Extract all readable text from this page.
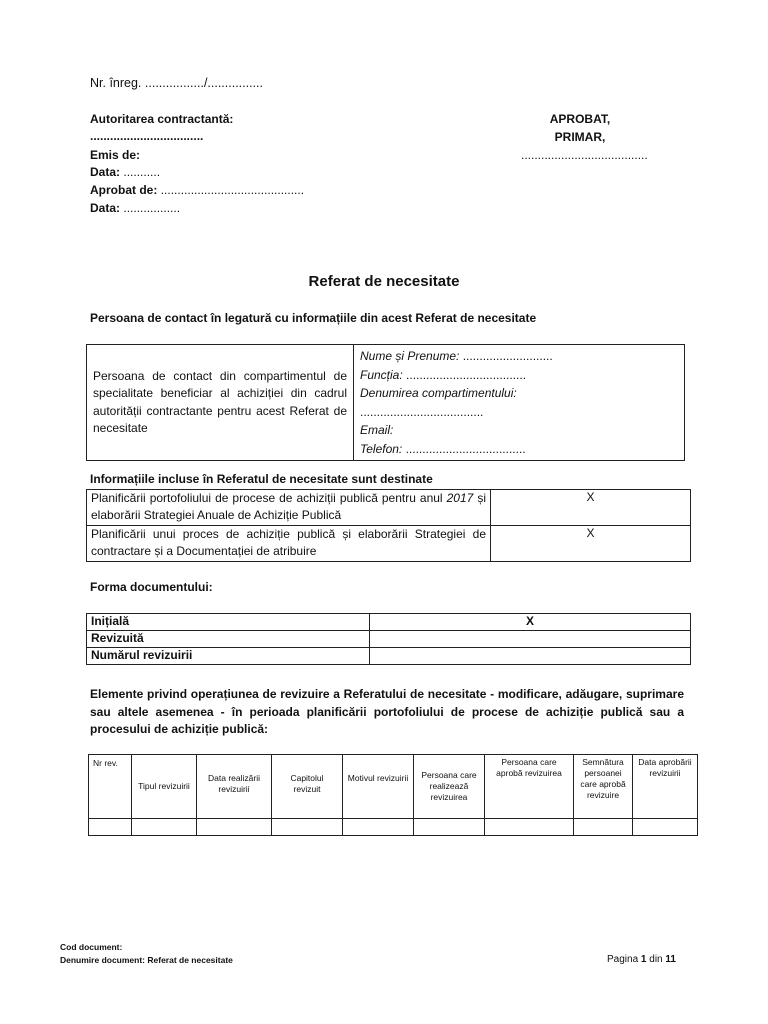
Nr. înreg. ................./................
Autoritarea contractantă:
..................................
Emis de:
Data: ...........
Aprobat de: ...........................................
Data: .................
APROBAT,
PRIMAR,
......................................
Referat de necesitate
Persoana de contact în legatură cu informațiile din acest Referat de necesitate
Persoana de contact din compartimentul de specialitate beneficiar al achiziției din cadrul autorității contractante pentru acest Referat de necesitate	
Nume și Prenume: ...........................
Funcția: ....................................
Denumirea compartimentului:
.....................................
Email:
Telefon: ....................................
Informațiile incluse în Referatul de necesitate sunt destinate
Planificării portofoliului de procese de achiziții publică pentru anul 2017 și elaborării Strategiei Anuale de Achiziție Publică	X
Planificării unui proces de achiziție publică și elaborării Strategiei de contractare și a Documentației de atribuire	X
Forma documentului:
Inițială	X
Revizuită	
Numărul revizuirii	
Elemente privind operațiunea de revizuire a Referatului de necesitate - modificare, adăugare, suprimare sau altele asemenea - în perioada planificării portofoliului de procese de achiziție publică sau a procesului de achiziție publică:
Nr rev.	Tipul revizuirii	Data realizării revizuirii	Capitolul revizuit	Motivul revizuirii	Persoana care realizează revizuirea	Persoana care aprobă revizuirea	Semnătura persoanei care aprobă revizuire	Data aprobării revizuirii

Cod document:
Denumire document: Referat de necesitate	Pagina 1 din 11
